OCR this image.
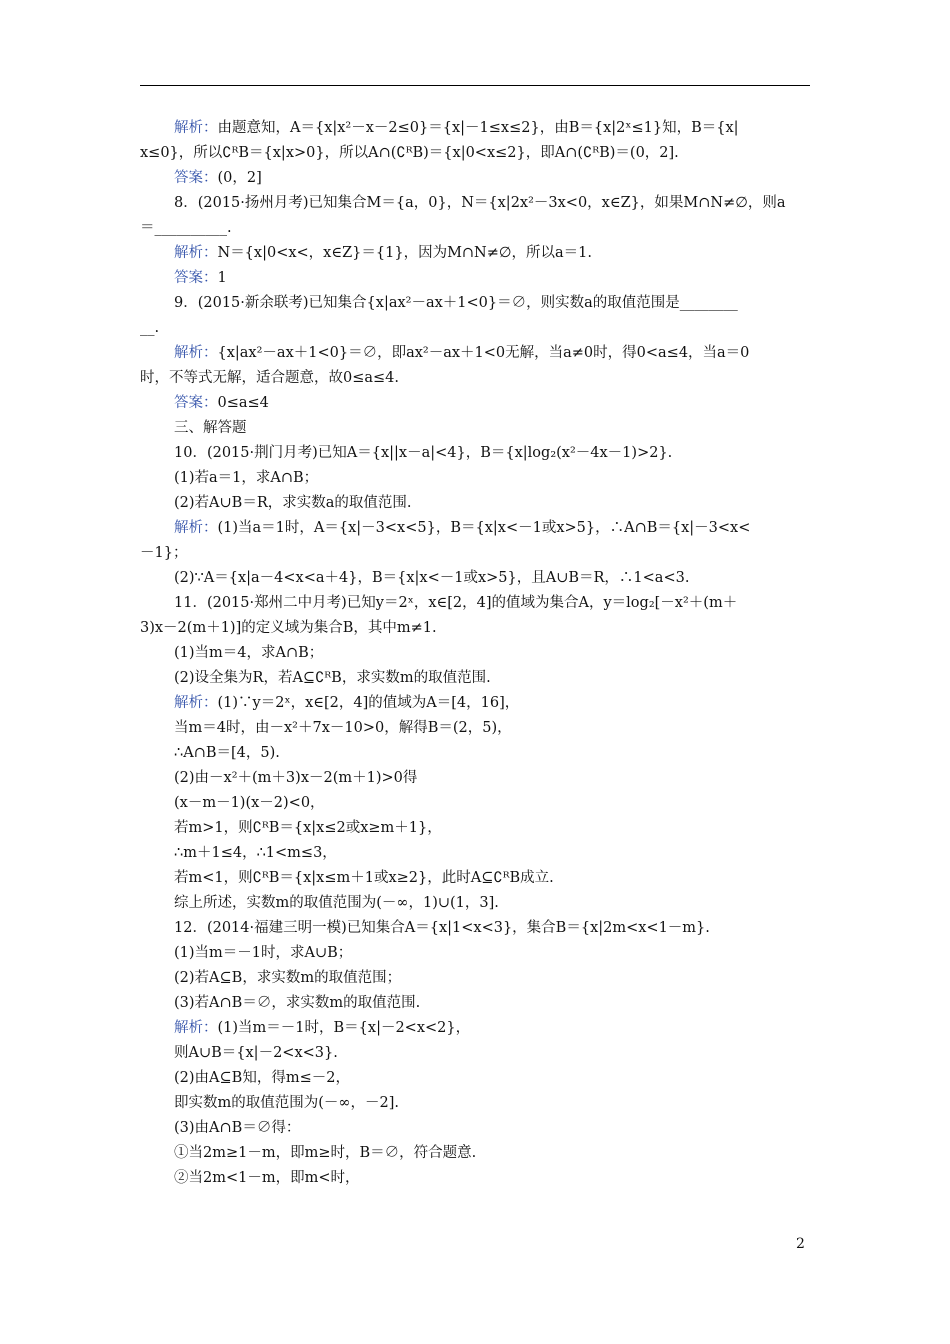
解析：由题意知，A＝{x|x²－x－2≤0}＝{x|－1≤x≤2}，由B＝{x|2ˣ≤1}知，B＝{x|
x≤0}，所以∁ᴿB＝{x|x>0}，所以A∩(∁ᴿB)＝{x|0<x≤2}，即A∩(∁ᴿB)＝(0，2].
答案：(0，2]
8．(2015·扬州月考)已知集合M＝{a，0}，N＝{x|2x²－3x<0，x∈Z}，如果M∩N≠∅，则a
＝__________.
解析：N＝{x|0<x<，x∈Z}＝{1}，因为M∩N≠∅，所以a＝1.
答案：1
9．(2015·新余联考)已知集合{x|ax²－ax＋1<0}＝∅，则实数a的取值范围是________
__.
解析：{x|ax²－ax＋1<0}＝∅，即ax²－ax＋1<0无解，当a≠0时，得0<a≤4，当a＝0
时，不等式无解，适合题意，故0≤a≤4.
答案：0≤a≤4
三、解答题
10．(2015·荆门月考)已知A＝{x||x－a|<4}，B＝{x|log₂(x²－4x－1)>2}.
(1)若a＝1，求A∩B；
(2)若A∪B＝R，求实数a的取值范围.
解析：(1)当a＝1时，A＝{x|－3<x<5}，B＝{x|x<－1或x>5}，∴A∩B＝{x|－3<x<
－1}；
(2)∵A＝{x|a－4<x<a＋4}，B＝{x|x<－1或x>5}，且A∪B＝R，∴1<a<3.
11．(2015·郑州二中月考)已知y＝2ˣ，x∈[2，4]的值域为集合A，y＝log₂[－x²＋(m＋
3)x－2(m＋1)]的定义域为集合B，其中m≠1.
(1)当m＝4，求A∩B；
(2)设全集为R，若A⊆∁ᴿB，求实数m的取值范围.
解析：(1)∵y＝2ˣ，x∈[2，4]的值域为A＝[4，16]，
当m＝4时，由－x²＋7x－10>0，解得B＝(2，5)，
∴A∩B＝[4，5).
(2)由－x²＋(m＋3)x－2(m＋1)>0得
(x－m－1)(x－2)<0，
若m>1，则∁ᴿB＝{x|x≤2或x≥m＋1}，
∴m＋1≤4，∴1<m≤3，
若m<1，则∁ᴿB＝{x|x≤m＋1或x≥2}，此时A⊆∁ᴿB成立.
综上所述，实数m的取值范围为(－∞，1)∪(1，3].
12．(2014·福建三明一模)已知集合A＝{x|1<x<3}，集合B＝{x|2m<x<1－m}.
(1)当m＝－1时，求A∪B；
(2)若A⊆B，求实数m的取值范围；
(3)若A∩B＝∅，求实数m的取值范围.
解析：(1)当m＝－1时，B＝{x|－2<x<2}，
则A∪B＝{x|－2<x<3}.
(2)由A⊆B知，得m≤－2，
即实数m的取值范围为(－∞，－2].
(3)由A∩B＝∅得：
①当2m≥1－m，即m≥时，B＝∅，符合题意.
②当2m<1－m，即m<时，
2
